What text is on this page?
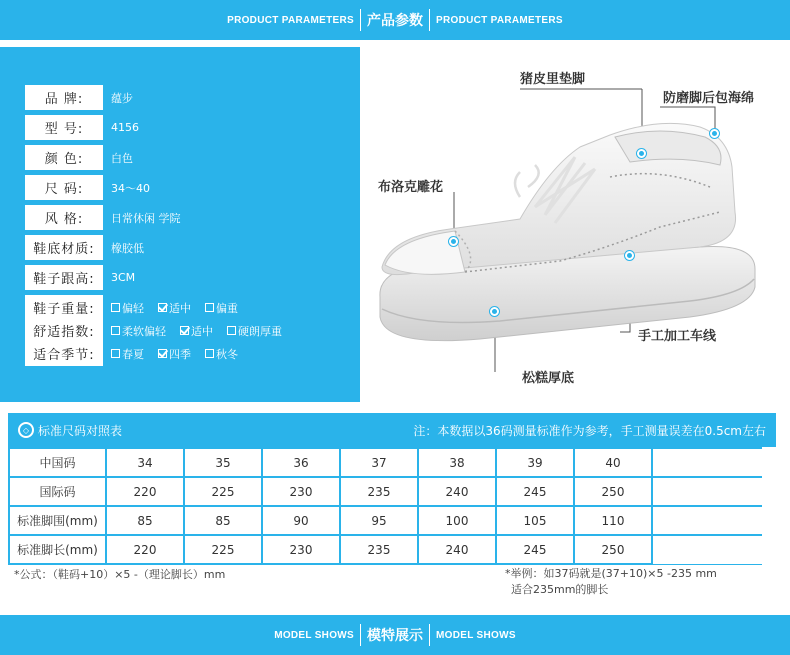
PRODUCT PARAMETERS 产品参数 PRODUCT PARAMETERS
品 牌:	蕴步
型 号:	4156
颜 色:	白色
尺 码:	34～40
风 格:	日常休闲 学院
鞋底材质:	橡胶低
鞋子跟高:	3CM
鞋子重量:	偏轻 适中 偏重
舒适指数:	柔软偏轻 适中 硬朗厚重
适合季节:	春夏 四季 秋冬
猪皮里垫脚
防磨脚后包海绵
布洛克雕花
手工加工车线
松糕厚底
◇ 标准尺码对照表	注：本数据以36码测量标准作为参考，手工测量误差在0.5cm左右
中国码	34	35	36	37	38	39	40	
国际码	220	225	230	235	240	245	250	
标准脚围(mm)	85	85	90	95	100	105	110	
标准脚长(mm)	220	225	230	235	240	245	250	
*公式：（鞋码+10）×5 -（理论脚长）mm	*举例：如37码就是(37+10)×5 -235 mm
适合235mm的脚长
MODEL SHOWS 模特展示 MODEL SHOWS
